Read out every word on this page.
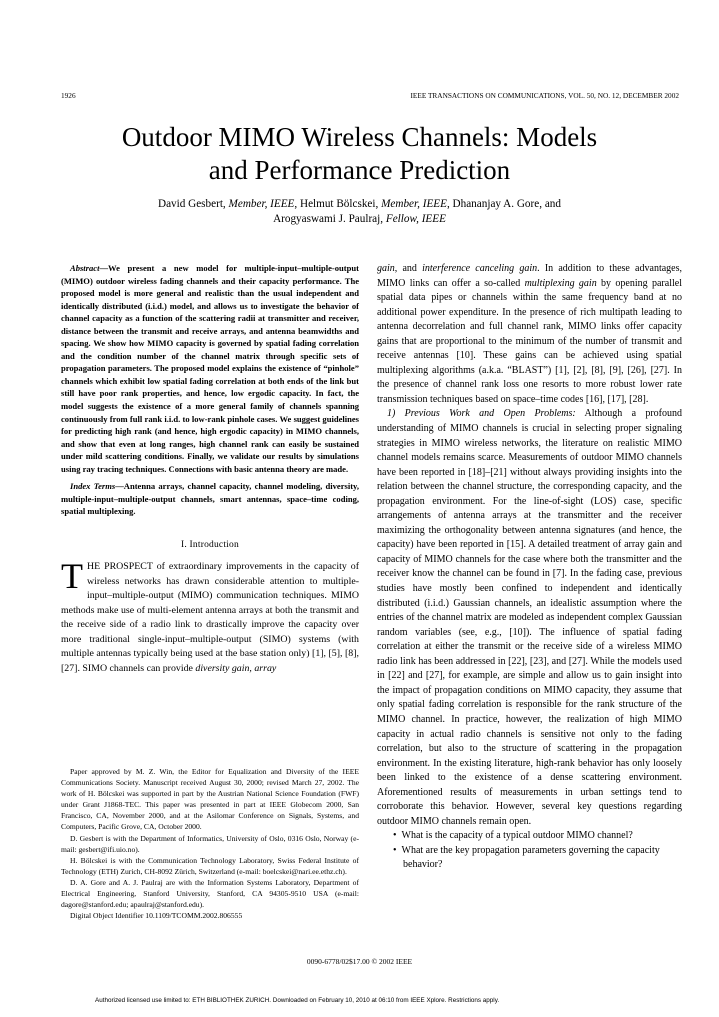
1926	IEEE TRANSACTIONS ON COMMUNICATIONS, VOL. 50, NO. 12, DECEMBER 2002
Outdoor MIMO Wireless Channels: Models
and Performance Prediction
David Gesbert, Member, IEEE, Helmut Bölcskei, Member, IEEE, Dhananjay A. Gore, and
Arogyaswami J. Paulraj, Fellow, IEEE

Abstract—We present a new model for multiple-input–multiple-output (MIMO) outdoor wireless fading channels and their capacity performance. The proposed model is more general and realistic than the usual independent and identically distributed (i.i.d.) model, and allows us to investigate the behavior of channel capacity as a function of the scattering radii at transmitter and receiver, distance between the transmit and receive arrays, and antenna beamwidths and spacing. We show how MIMO capacity is governed by spatial fading correlation and the condition number of the channel matrix through specific sets of propagation parameters. The proposed model explains the existence of “pinhole” channels which exhibit low spatial fading correlation at both ends of the link but still have poor rank properties, and hence, low ergodic capacity. In fact, the model suggests the existence of a more general family of channels spanning continuously from full rank i.i.d. to low-rank pinhole cases. We suggest guidelines for predicting high rank (and hence, high ergodic capacity) in MIMO channels, and show that even at long ranges, high channel rank can easily be sustained under mild scattering conditions. Finally, we validate our results by simulations using ray tracing techniques. Connections with basic antenna theory are made.

Index Terms—Antenna arrays, channel capacity, channel modeling, diversity, multiple-input–multiple-output channels, smart antennas, space–time coding, spatial multiplexing.

I. Introduction

THE PROSPECT of extraordinary improvements in the capacity of wireless networks has drawn considerable attention to multiple-input–multiple-output (MIMO) communication techniques. MIMO methods make use of multi-element antenna arrays at both the transmit and the receive side of a radio link to drastically improve the capacity over more traditional single-input–multiple-output (SIMO) systems (with multiple antennas typically being used at the base station only) [1], [5], [8], [27]. SIMO channels can provide diversity gain, array

Paper approved by M. Z. Win, the Editor for Equalization and Diversity of the IEEE Communications Society. Manuscript received August 30, 2000; revised March 27, 2002. The work of H. Bölcskei was supported in part by the Austrian National Science Foundation (FWF) under Grant J1868-TEC. This paper was presented in part at IEEE Globecom 2000, San Francisco, CA, November 2000, and at the Asilomar Conference on Signals, Systems, and Computers, Pacific Grove, CA, October 2000.

D. Gesbert is with the Department of Informatics, University of Oslo, 0316 Oslo, Norway (e-mail: gesbert@ifi.uio.no).

H. Bölcskei is with the Communication Technology Laboratory, Swiss Federal Institute of Technology (ETH) Zurich, CH-8092 Zürich, Switzerland (e-mail: boelcskei@nari.ee.ethz.ch).

D. A. Gore and A. J. Paulraj are with the Information Systems Laboratory, Department of Electrical Engineering, Stanford University, Stanford, CA 94305-9510 USA (e-mail: dagore@stanford.edu; apaulraj@stanford.edu).

Digital Object Identifier 10.1109/TCOMM.2002.806555

gain, and interference canceling gain. In addition to these advantages, MIMO links can offer a so-called multiplexing gain by opening parallel spatial data pipes or channels within the same frequency band at no additional power expenditure. In the presence of rich multipath leading to antenna decorrelation and full channel rank, MIMO links offer capacity gains that are proportional to the minimum of the number of transmit and receive antennas [10]. These gains can be achieved using spatial multiplexing algorithms (a.k.a. “BLAST”) [1], [2], [8], [9], [26], [27]. In the presence of channel rank loss one resorts to more robust lower rate transmission techniques based on space–time codes [16], [17], [28].

1) Previous Work and Open Problems: Although a profound understanding of MIMO channels is crucial in selecting proper signaling strategies in MIMO wireless networks, the literature on realistic MIMO channel models remains scarce. Measurements of outdoor MIMO channels have been reported in [18]–[21] without always providing insights into the relation between the channel structure, the corresponding capacity, and the propagation environment. For the line-of-sight (LOS) case, specific arrangements of antenna arrays at the transmitter and the receiver maximizing the orthogonality between antenna signatures (and hence, the capacity) have been reported in [15]. A detailed treatment of array gain and capacity of MIMO channels for the case where both the transmitter and the receiver know the channel can be found in [7]. In the fading case, previous studies have mostly been confined to independent and identically distributed (i.i.d.) Gaussian channels, an idealistic assumption where the entries of the channel matrix are modeled as independent complex Gaussian random variables (see, e.g., [10]). The influence of spatial fading correlation at either the transmit or the receive side of a wireless MIMO radio link has been addressed in [22], [23], and [27]. While the models used in [22] and [27], for example, are simple and allow us to gain insight into the impact of propagation conditions on MIMO capacity, they assume that only spatial fading correlation is responsible for the rank structure of the MIMO channel. In practice, however, the realization of high MIMO capacity in actual radio channels is sensitive not only to the fading correlation, but also to the structure of scattering in the propagation environment. In the existing literature, high-rank behavior has only loosely been linked to the existence of a dense scattering environment. Aforementioned results of measurements in urban settings tend to corroborate this behavior. However, several key questions regarding outdoor MIMO channels remain open.

•  What is the capacity of a typical outdoor MIMO channel?

•  What are the key propagation parameters governing the capacity behavior?

0090-6778/02$17.00 © 2002 IEEE
Authorized licensed use limited to: ETH BIBLIOTHEK ZURICH. Downloaded on February 10, 2010 at 06:10 from IEEE Xplore. Restrictions apply.
